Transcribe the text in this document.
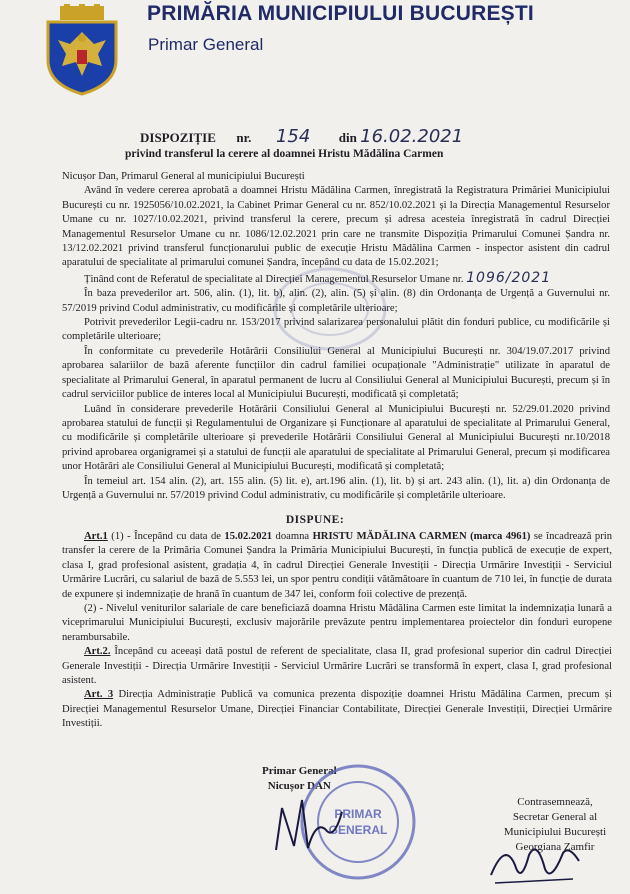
PRIMĂRIA MUNICIPIULUI BUCUREȘTI
Primar General
DISPOZIȚIE nr. 154 din 16.02.2021
privind transferul la cerere al doamnei Hristu Mădălina Carmen

Nicușor Dan, Primarul General al municipiului București

Având în vedere cererea aprobată a doamnei Hristu Mădălina Carmen, înregistrată la Registratura Primăriei Municipiului București cu nr. 1925056/10.02.2021, la Cabinet Primar General cu nr. 852/10.02.2021 și la Direcția Managementul Resurselor Umane cu nr. 1027/10.02.2021, privind transferul la cerere, precum și adresa acesteia înregistrată în cadrul Direcției Managementul Resurselor Umane cu nr. 1086/12.02.2021 prin care ne transmite Dispoziția Primarului Comunei Șandra nr. 13/12.02.2021 privind transferul funcționarului public de execuție Hristu Mădălina Carmen - inspector asistent din cadrul aparatului de specialitate al primarului comunei Șandra, începând cu data de 15.02.2021;

Ținând cont de Referatul de specialitate al Direcției Managementul Resurselor Umane nr. 1096/2021

În baza prevederilor art. 506, alin. (1), lit. b), alin. (2), alin. (5) și alin. (8) din Ordonanța de Urgență a Guvernului nr. 57/2019 privind Codul administrativ, cu modificările și completările ulterioare;

Potrivit prevederilor Legii-cadru nr. 153/2017 privind salarizarea personalului plătit din fonduri publice, cu modificările și completările ulterioare;

În conformitate cu prevederile Hotărârii Consiliului General al Municipiului București nr. 304/19.07.2017 privind aprobarea salariilor de bază aferente funcțiilor din cadrul familiei ocupaționale "Administrație" utilizate în aparatul de specialitate al Primarului General, în aparatul permanent de lucru al Consiliului General al Municipiului București, precum și în cadrul serviciilor publice de interes local al Municipiului București, modificată și completată;

Luând în considerare prevederile Hotărârii Consiliului General al Municipiului București nr. 52/29.01.2020 privind aprobarea statului de funcții și Regulamentului de Organizare și Funcționare al aparatului de specialitate al Primarului General, cu modificările și completările ulterioare și prevederile Hotărârii Consiliului General al Municipiului București nr.10/2018 privind aprobarea organigramei și a statului de funcții ale aparatului de specialitate al Primarului General, precum și modificarea unor Hotărâri ale Consiliului General al Municipiului București, modificată și completată;

În temeiul art. 154 alin. (2), art. 155 alin. (5) lit. e), art.196 alin. (1), lit. b) și art. 243 alin. (1), lit. a) din Ordonanța de Urgență a Guvernului nr. 57/2019 privind Codul administrativ, cu modificările și completările ulterioare.

DISPUNE:

Art.1 (1) - Începând cu data de 15.02.2021 doamna HRISTU MĂDĂLINA CARMEN (marca 4961) se încadrează prin transfer la cerere de la Primăria Comunei Șandra la Primăria Municipiului București, în funcția publică de execuție de expert, clasa I, grad profesional asistent, gradația 4, în cadrul Direcției Generale Investiții - Direcția Urmărire Investiții - Serviciul Urmărire Lucrări, cu salariul de bază de 5.553 lei, un spor pentru condiții vătămătoare în cuantum de 710 lei, în funcție de durata de expunere și indemnizație de hrană în cuantum de 347 lei, conform foii colective de prezență.

(2) - Nivelul veniturilor salariale de care beneficiază doamna Hristu Mădălina Carmen este limitat la indemnizația lunară a viceprimarului Municipiului București, exclusiv majorările prevăzute pentru implementarea proiectelor din fonduri europene nerambursabile.

Art.2. Începând cu aceeași dată postul de referent de specialitate, clasa II, grad profesional superior din cadrul Direcției Generale Investiții - Direcția Urmărire Investiții - Serviciul Urmărire Lucrări se transformă în expert, clasa I, grad profesional asistent.

Art. 3 Direcția Administrație Publică va comunica prezenta dispoziție doamnei Hristu Mădălina Carmen, precum și Direcției Managementul Resurselor Umane, Direcției Financiar Contabilitate, Direcției Generale Investiții, Direcției Urmărire Investiții.

Primar General
Nicușor DAN
PRIMAR
GENERAL
Contrasemnează,
Secretar General al
Municipiului București
Georgiana Zamfir
